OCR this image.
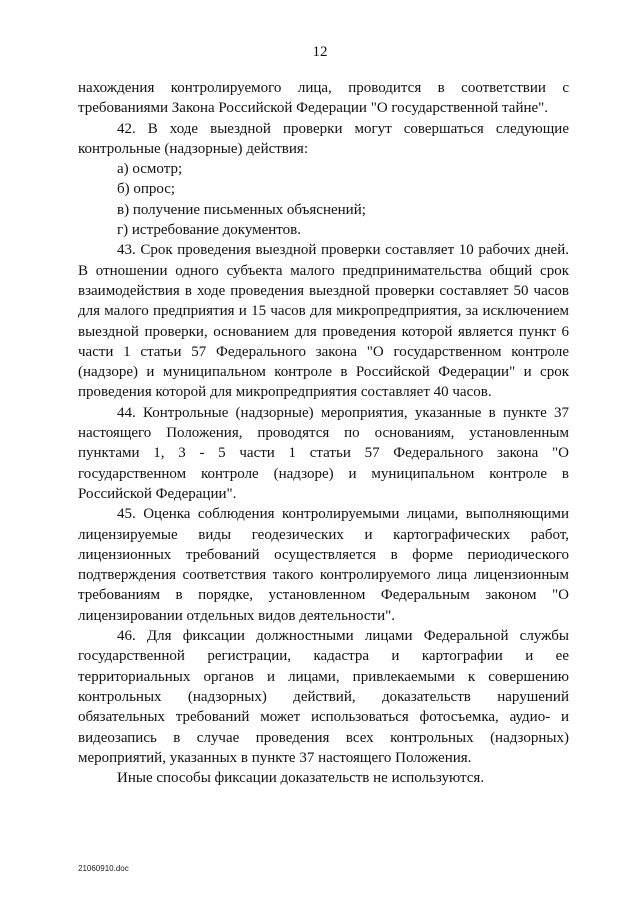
12

нахождения контролируемого лица, проводится в соответствии с требованиями Закона Российской Федерации "О государственной тайне".

42. В ходе выездной проверки могут совершаться следующие контрольные (надзорные) действия:

а) осмотр;

б) опрос;

в) получение письменных объяснений;

г) истребование документов.

43. Срок проведения выездной проверки составляет 10 рабочих дней. В отношении одного субъекта малого предпринимательства общий срок взаимодействия в ходе проведения выездной проверки составляет 50 часов для малого предприятия и 15 часов для микропредприятия, за исключением выездной проверки, основанием для проведения которой является пункт 6 части 1 статьи 57 Федерального закона "О государственном контроле (надзоре) и муниципальном контроле в Российской Федерации" и срок проведения которой для микропредприятия составляет 40 часов.

44. Контрольные (надзорные) мероприятия, указанные в пункте 37 настоящего Положения, проводятся по основаниям, установленным пунктами 1, 3 - 5 части 1 статьи 57 Федерального закона "О государственном контроле (надзоре) и муниципальном контроле в Российской Федерации".

45. Оценка соблюдения контролируемыми лицами, выполняющими лицензируемые виды геодезических и картографических работ, лицензионных требований осуществляется в форме периодического подтверждения соответствия такого контролируемого лица лицензионным требованиям в порядке, установленном Федеральным законом "О лицензировании отдельных видов деятельности".

46. Для фиксации должностными лицами Федеральной службы государственной регистрации, кадастра и картографии и ее территориальных органов и лицами, привлекаемыми к совершению контрольных (надзорных) действий, доказательств нарушений обязательных требований может использоваться фотосъемка, аудио- и видеозапись в случае проведения всех контрольных (надзорных) мероприятий, указанных в пункте 37 настоящего Положения.

Иные способы фиксации доказательств не используются.

21060910.doc
